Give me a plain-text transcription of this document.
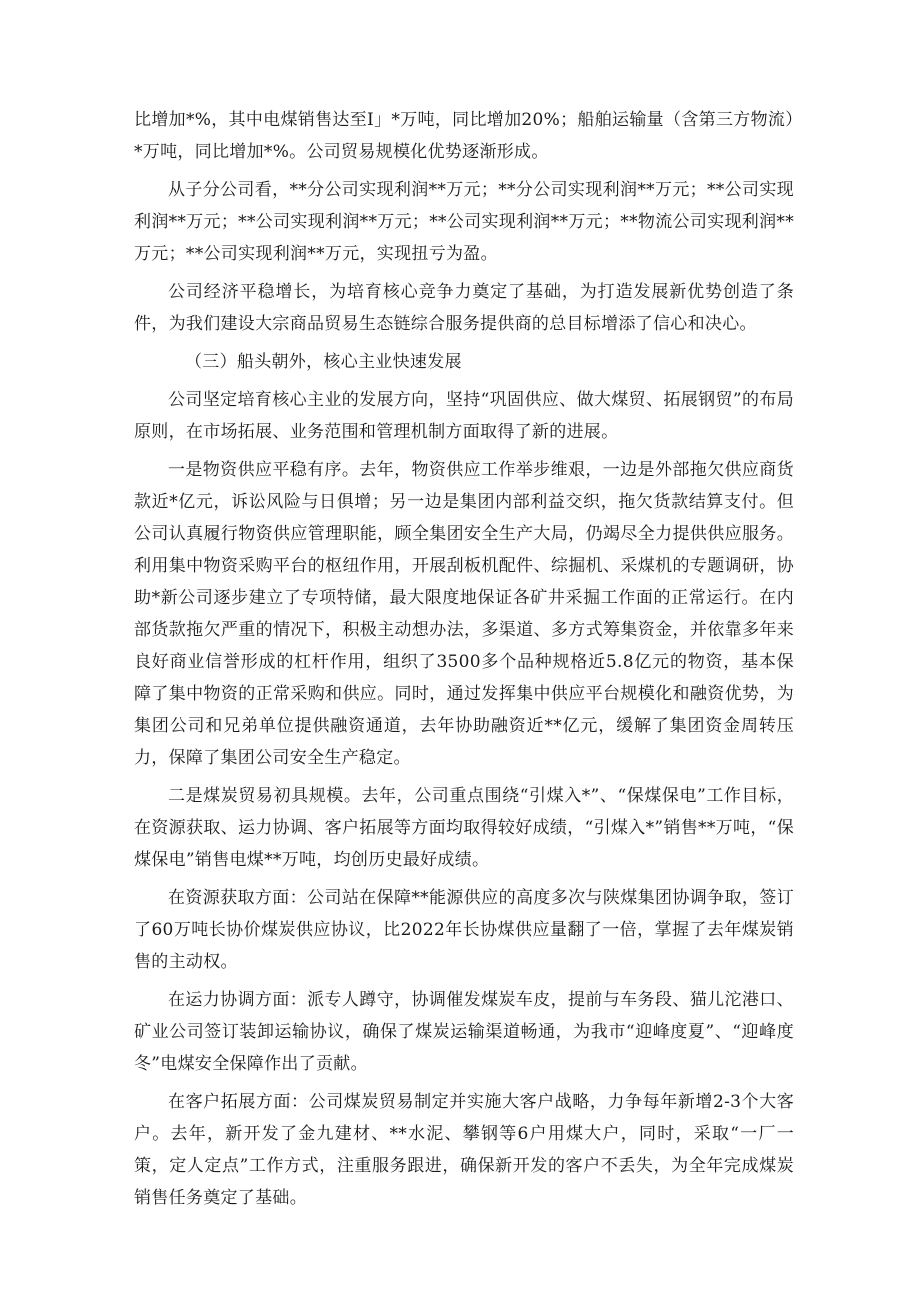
比增加*%，其中电煤销售达至Ⅰ」*万吨，同比增加20%；船舶运输量（含第三方物流）*万吨，同比增加*%。公司贸易规模化优势逐渐形成。

从子分公司看，**分公司实现利润**万元；**分公司实现利润**万元；**公司实现利润**万元；**公司实现利润**万元；**公司实现利润**万元；**物流公司实现利润**万元；**公司实现利润**万元，实现扭亏为盈。

公司经济平稳增长，为培育核心竞争力奠定了基础，为打造发展新优势创造了条件，为我们建设大宗商品贸易生态链综合服务提供商的总目标增添了信心和决心。

（三）船头朝外，核心主业快速发展

公司坚定培育核心主业的发展方向，坚持“巩固供应、做大煤贸、拓展钢贸”的布局原则，在市场拓展、业务范围和管理机制方面取得了新的进展。

一是物资供应平稳有序。去年，物资供应工作举步维艰，一边是外部拖欠供应商货款近*亿元，诉讼风险与日俱增；另一边是集团内部利益交织，拖欠货款结算支付。但公司认真履行物资供应管理职能，顾全集团安全生产大局，仍竭尽全力提供供应服务。利用集中物资采购平台的枢纽作用，开展刮板机配件、综掘机、采煤机的专题调研，协助*新公司逐步建立了专项特储，最大限度地保证各矿井采掘工作面的正常运行。在内部货款拖欠严重的情况下，积极主动想办法，多渠道、多方式筹集资金，并依靠多年来良好商业信誉形成的杠杆作用，组织了3500多个品种规格近5.8亿元的物资，基本保障了集中物资的正常采购和供应。同时，通过发挥集中供应平台规模化和融资优势，为集团公司和兄弟单位提供融资通道，去年协助融资近**亿元，缓解了集团资金周转压力，保障了集团公司安全生产稳定。

二是煤炭贸易初具规模。去年，公司重点围绕“引煤入*”、“保煤保电”工作目标，在资源获取、运力协调、客户拓展等方面均取得较好成绩，“引煤入*”销售**万吨，“保煤保电”销售电煤**万吨，均创历史最好成绩。

在资源获取方面：公司站在保障**能源供应的高度多次与陕煤集团协调争取，签订了60万吨长协价煤炭供应协议，比2022年长协煤供应量翻了一倍，掌握了去年煤炭销售的主动权。

在运力协调方面：派专人蹲守，协调催发煤炭车皮，提前与车务段、猫儿沱港口、矿业公司签订装卸运输协议，确保了煤炭运输渠道畅通，为我市“迎峰度夏”、“迎峰度冬”电煤安全保障作出了贡献。

在客户拓展方面：公司煤炭贸易制定并实施大客户战略，力争每年新增2-3个大客户。去年，新开发了金九建材、**水泥、攀钢等6户用煤大户，同时，采取“一厂一策，定人定点”工作方式，注重服务跟进，确保新开发的客户不丢失，为全年完成煤炭销售任务奠定了基础。
